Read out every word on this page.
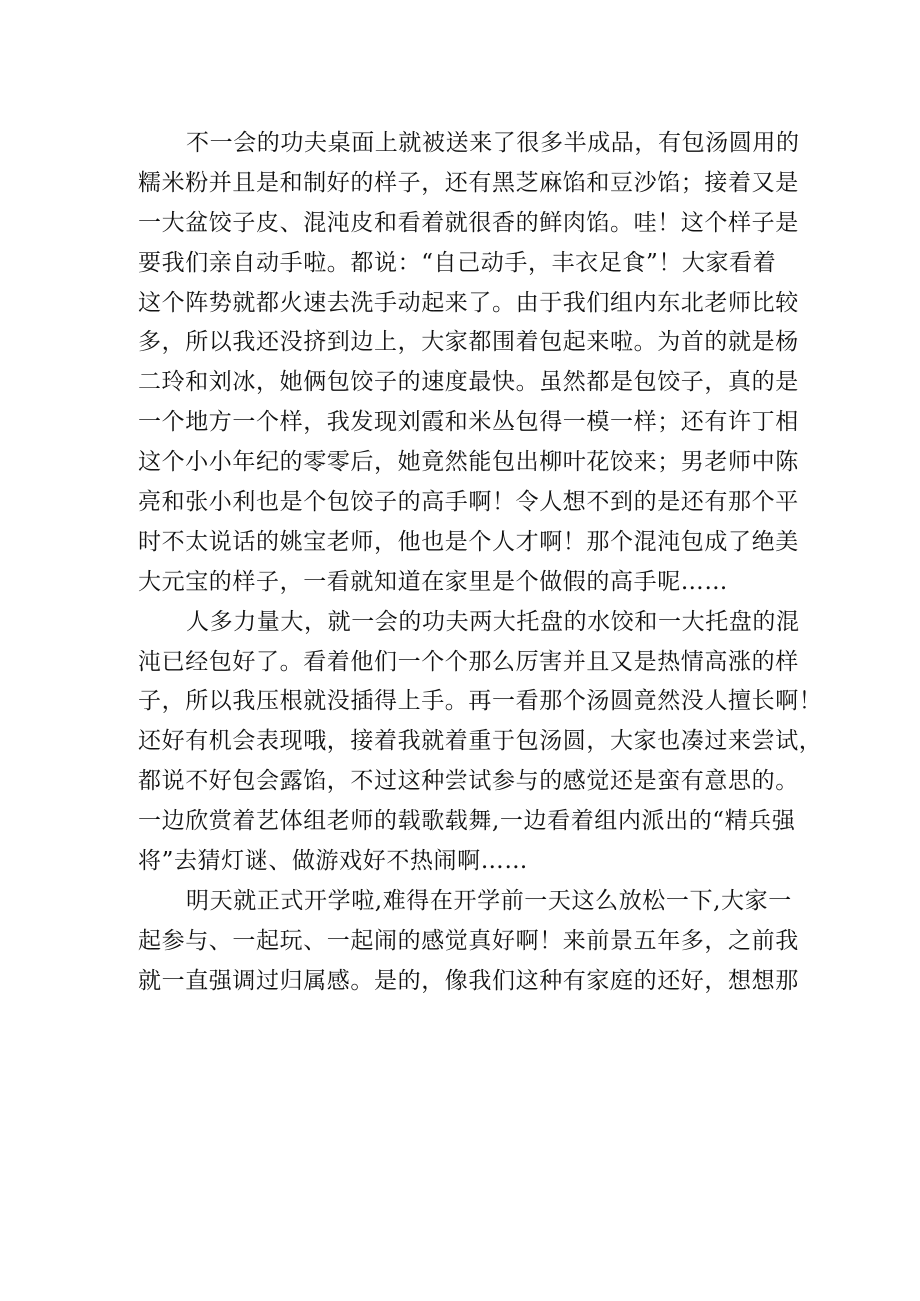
不一会的功夫桌面上就被送来了很多半成品，有包汤圆用的
糯米粉并且是和制好的样子，还有黑芝麻馅和豆沙馅；接着又是
一大盆饺子皮、混沌皮和看着就很香的鲜肉馅。哇！这个样子是
要我们亲自动手啦。都说：“自己动手，丰衣足食”！大家看着
这个阵势就都火速去洗手动起来了。由于我们组内东北老师比较
多，所以我还没挤到边上，大家都围着包起来啦。为首的就是杨
二玲和刘冰，她俩包饺子的速度最快。虽然都是包饺子，真的是
一个地方一个样，我发现刘霞和米丛包得一模一样；还有许丁相
这个小小年纪的零零后，她竟然能包出柳叶花饺来；男老师中陈
亮和张小利也是个包饺子的高手啊！令人想不到的是还有那个平
时不太说话的姚宝老师，他也是个人才啊！那个混沌包成了绝美
大元宝的样子，一看就知道在家里是个做假的高手呢……
人多力量大，就一会的功夫两大托盘的水饺和一大托盘的混
沌已经包好了。看着他们一个个那么厉害并且又是热情高涨的样
子，所以我压根就没插得上手。再一看那个汤圆竟然没人擅长啊！
还好有机会表现哦，接着我就着重于包汤圆，大家也凑过来尝试，
都说不好包会露馅，不过这种尝试参与的感觉还是蛮有意思的。
一边欣赏着艺体组老师的载歌载舞,一边看着组内派出的“精兵强
将”去猜灯谜、做游戏好不热闹啊……
明天就正式开学啦,难得在开学前一天这么放松一下,大家一
起参与、一起玩、一起闹的感觉真好啊！来前景五年多，之前我
就一直强调过归属感。是的，像我们这种有家庭的还好，想想那
